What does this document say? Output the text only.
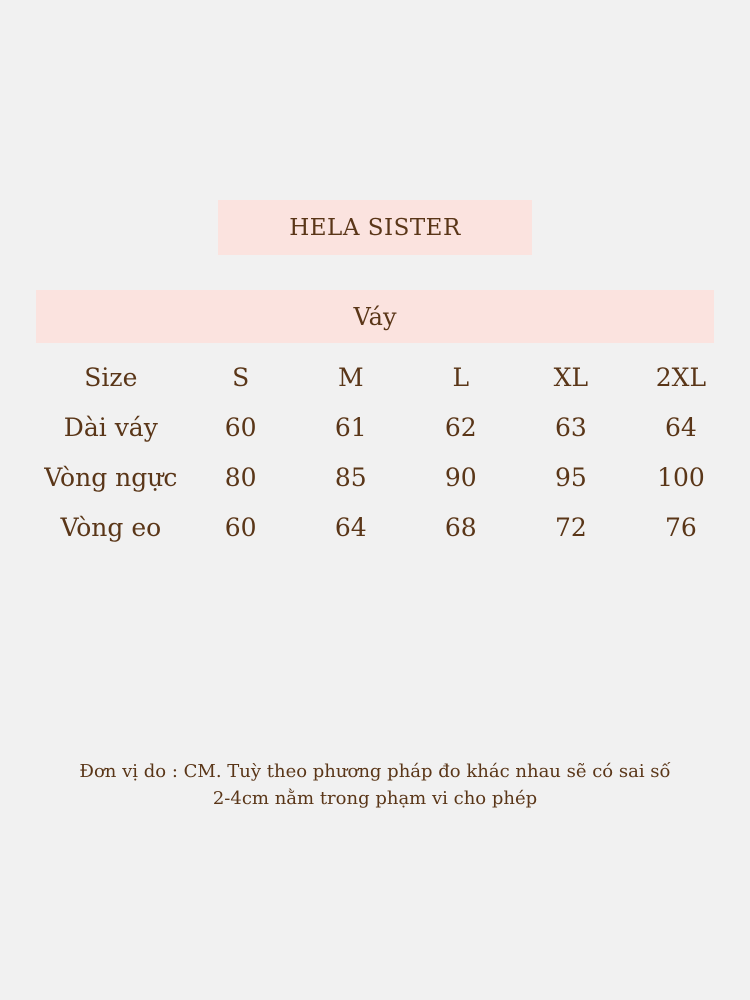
HELA SISTER
Váy
Size	S	M	L	XL	2XL
Dài váy	60	61	62	63	64
Vòng ngực	80	85	90	95	100
Vòng eo	60	64	68	72	76
Đơn vị do : CM. Tuỳ theo phương pháp đo khác nhau sẽ có sai số
2-4cm nằm trong phạm vi cho phép
